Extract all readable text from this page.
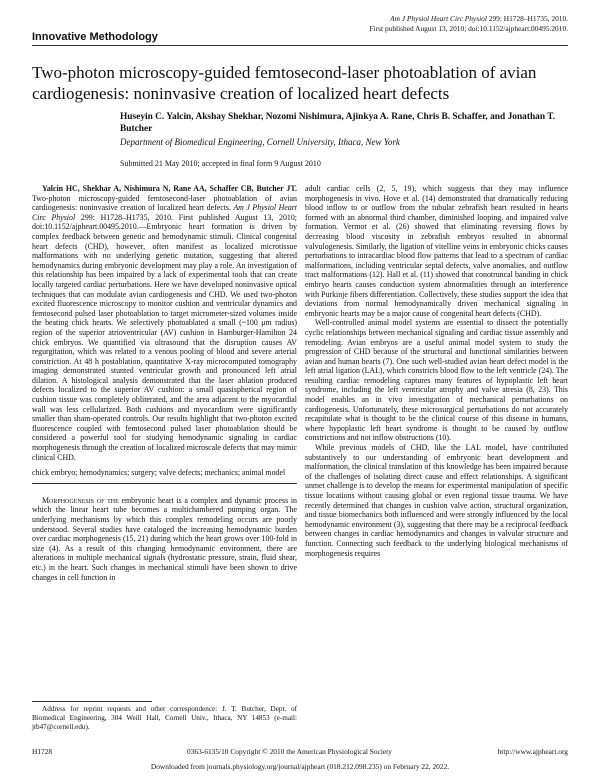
Innovative Methodology
Am J Physiol Heart Circ Physiol 299: H1728–H1735, 2010.
First published August 13, 2010; doi:10.1152/ajpheart.00495.2010.
Two-photon microscopy-guided femtosecond-laser photoablation of avian cardiogenesis: noninvasive creation of localized heart defects
Huseyin C. Yalcin, Akshay Shekhar, Nozomi Nishimura, Ajinkya A. Rane, Chris B. Schaffer, and Jonathan T. Butcher
Department of Biomedical Engineering, Cornell University, Ithaca, New York
Submitted 21 May 2010; accepted in final form 9 August 2010

Yalcin HC, Shekhar A, Nishimura N, Rane AA, Schaffer CB, Butcher JT. Two-photon microscopy-guided femtosecond-laser photoablation of avian cardiogenesis: noninvasive creation of localized heart defects. Am J Physiol Heart Circ Physiol 299: H1728–H1735, 2010. First published August 13, 2010; doi:10.1152/ajpheart.00495.2010.—Embryonic heart formation is driven by complex feedback between genetic and hemodynamic stimuli. Clinical congenital heart defects (CHD), however, often manifest as localized microtissue malformations with no underlying genetic mutation, suggesting that altered hemodynamics during embryonic development may play a role. An investigation of this relationship has been impaired by a lack of experimental tools that can create locally targeted cardiac perturbations. Here we have developed noninvasive optical techniques that can modulate avian cardiogenesis and CHD. We used two-photon excited fluorescence microscopy to monitor cushion and ventricular dynamics and femtosecond pulsed laser photoablation to target micrometer-sized volumes inside the beating chick hearts. We selectively photoablated a small (~100 μm radius) region of the superior atrioventricular (AV) cushion in Hamburger-Hamilton 24 chick embryos. We quantified via ultrasound that the disruption causes AV regurgitation, which was related to a venous pooling of blood and severe arterial constriction. At 48 h postablation, quantitative X-ray microcomputed tomography imaging demonstrated stunted ventricular growth and pronounced left atrial dilation. A histological analysis demonstrated that the laser ablation produced defects localized to the superior AV cushion: a small quasispherical region of cushion tissue was completely obliterated, and the area adjacent to the myocardial wall was less cellularized. Both cushions and myocardium were significantly smaller than sham-operated controls. Our results highlight that two-photon excited fluorescence coupled with femtosecond pulsed laser photoablation should be considered a powerful tool for studying hemodynamic signaling in cardiac morphogenesis through the creation of localized microscale defects that may mimic clinical CHD.

chick embryo; hemodynamics; surgery; valve defects; mechanics; animal model

Morphogenesis of the embryonic heart is a complex and dynamic process in which the linear heart tube becomes a multichambered pumping organ. The underlying mechanisms by which this complex remodeling occurs are poorly understood. Several studies have cataloged the increasing hemodynamic burden over cardiac morphogenesis (15, 21) during which the heart grows over 100-fold in size (4). As a result of this changing hemodynamic environment, there are alterations in multiple mechanical signals (hydrostatic pressure, strain, fluid shear, etc.) in the heart. Such changes in mechanical stimuli have been shown to drive changes in cell function in

adult cardiac cells (2, 5, 19), which suggests that they may influence morphogenesis in vivo. Hove et al. (14) demonstrated that dramatically reducing blood inflow to or outflow from the tubular zebrafish heart resulted in hearts formed with an abnormal third chamber, diminished looping, and impaired valve formation. Vermot et al. (26) showed that eliminating reversing flows by decreasing blood viscosity in zebrafish embryos resulted in abnormal valvulogenesis. Similarly, the ligation of vitelline veins in embryonic chicks causes perturbations to intracardiac blood flow patterns that lead to a spectrum of cardiac malformations, including ventricular septal defects, valve anomalies, and outflow tract malformations (12). Hall et al. (11) showed that conotruncal banding in chick embryo hearts causes conduction system abnormalities through an interference with Purkinje fibers differentiation. Collectively, these studies support the idea that deviations from normal hemodynamically driven mechanical signaling in embryonic hearts may be a major cause of congenital heart defects (CHD).

Well-controlled animal model systems are essential to dissect the potentially cyclic relationships between mechanical signaling and cardiac tissue assembly and remodeling. Avian embryos are a useful animal model system to study the progression of CHD because of the structural and functional similarities between avian and human hearts (7). One such well-studied avian heart defect model is the left atrial ligation (LAL), which constricts blood flow to the left ventricle (24). The resulting cardiac remodeling captures many features of hypoplastic left heart syndrome, including the left ventricular atrophy and valve atresia (8, 23). This model enables an in vivo investigation of mechanical perturbations on cardiogenesis. Unfortunately, these microsurgical perturbations do not accurately recapitulate what is thought to be the clinical course of this disease in humans, where hypoplastic left heart syndrome is thought to be caused by outflow constrictions and not inflow obstructions (10).

While previous models of CHD, like the LAL model, have contributed substantively to our understanding of embryonic heart development and malformation, the clinical translation of this knowledge has been impaired because of the challenges of isolating direct cause and effect relationships. A significant unmet challenge is to develop the means for experimental manipulation of specific tissue locations without causing global or even regional tissue trauma. We have recently determined that changes in cushion valve action, structural organization, and tissue biomechanics both influenced and were strongly influenced by the local hemodynamic environment (3), suggesting that there may be a reciprocal feedback between changes in cardiac hemodynamics and changes in valvular structure and function. Connecting such feedback to the underlying biological mechanisms of morphogenesis requires

Address for reprint requests and other correspondence: J. T. Butcher, Dept. of Biomedical Engineering, 304 Weill Hall, Cornell Univ., Ithaca, NY 14853 (e-mail: jtb47@cornell.edu).
H1728	0363-6135/10 Copyright © 2010 the American Physiological Society	http://www.ajpheart.org
Downloaded from journals.physiology.org/journal/ajpheart (018.212.098.235) on February 22, 2022.
